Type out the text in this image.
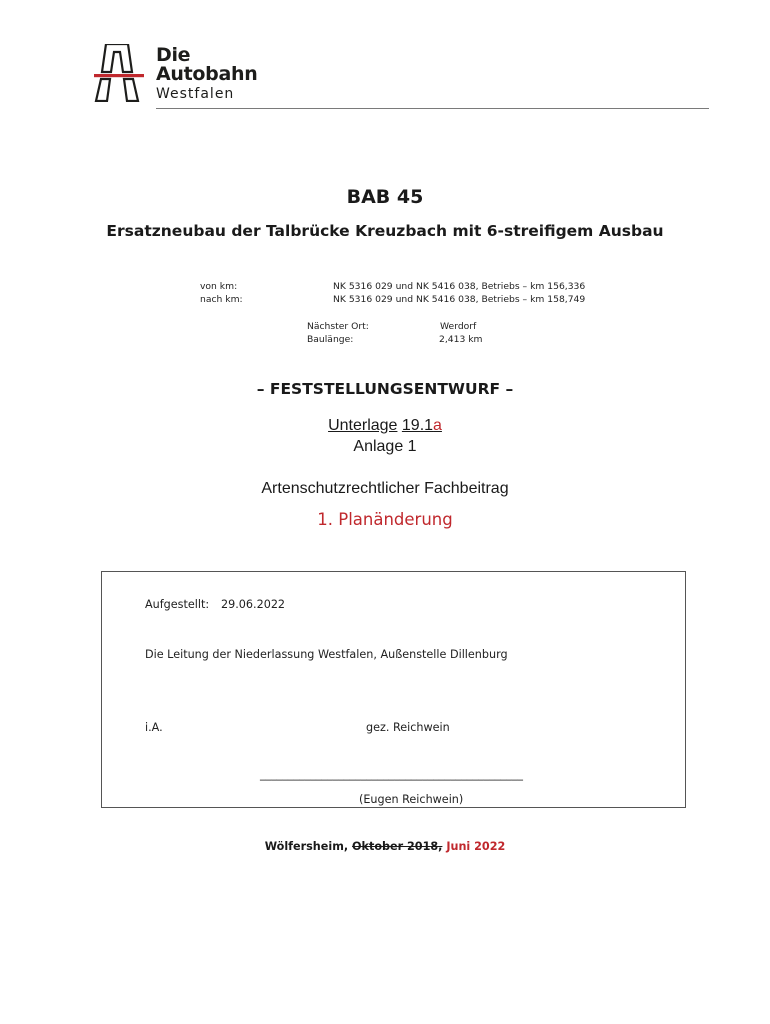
Die
Autobahn
Westfalen
BAB 45
Ersatzneubau der Talbrücke Kreuzbach mit 6-streifigem Ausbau
von km:	NK 5316 029 und NK 5416 038, Betriebs – km 156,336
nach km:	NK 5316 029 und NK 5416 038, Betriebs – km 158,749
Nächster Ort:	Werdorf
Baulänge:	2,413 km
– FESTSTELLUNGSENTWURF –
Unterlage 19.1a
Anlage 1
Artenschutzrechtlicher Fachbeitrag
1. Planänderung
Aufgestellt: 29.06.2022
Die Leitung der Niederlassung Westfalen, Außenstelle Dillenburg
i.A.	gez. Reichwein
_______________________________________________
(Eugen Reichwein)
Wölfersheim, Oktober 2018, Juni 2022
